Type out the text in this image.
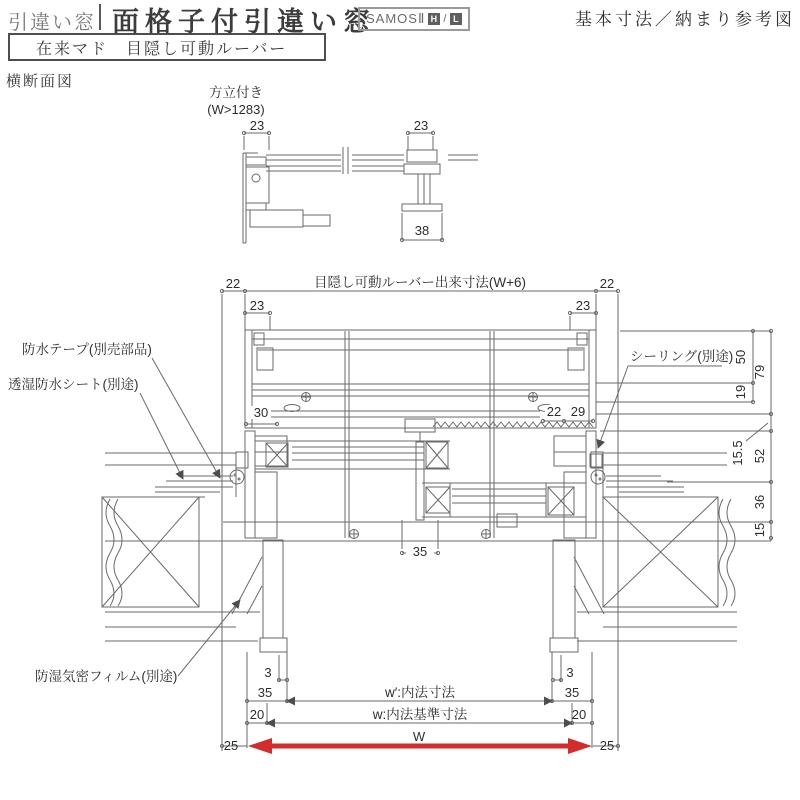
引違い窓 面格子付引違い窓
SAMOSⅡ H / L	基本寸法／納まり参考図
在来マド　目隠し可動ルーバー
横断面図
方立付き
(W>1283)
23	23
38
22	22
目隠し可動ルーバー出来寸法(W+6)
23	23
30	22 29
35
3	3
35	35
w′:内法寸法
20	20
w:内法基準寸法
25	25
W
50
19
79
15.5 52
36
15
防水テープ(別売部品)
透湿防水シート(別途)
シーリング(別途)
防湿気密フィルム(別途)
